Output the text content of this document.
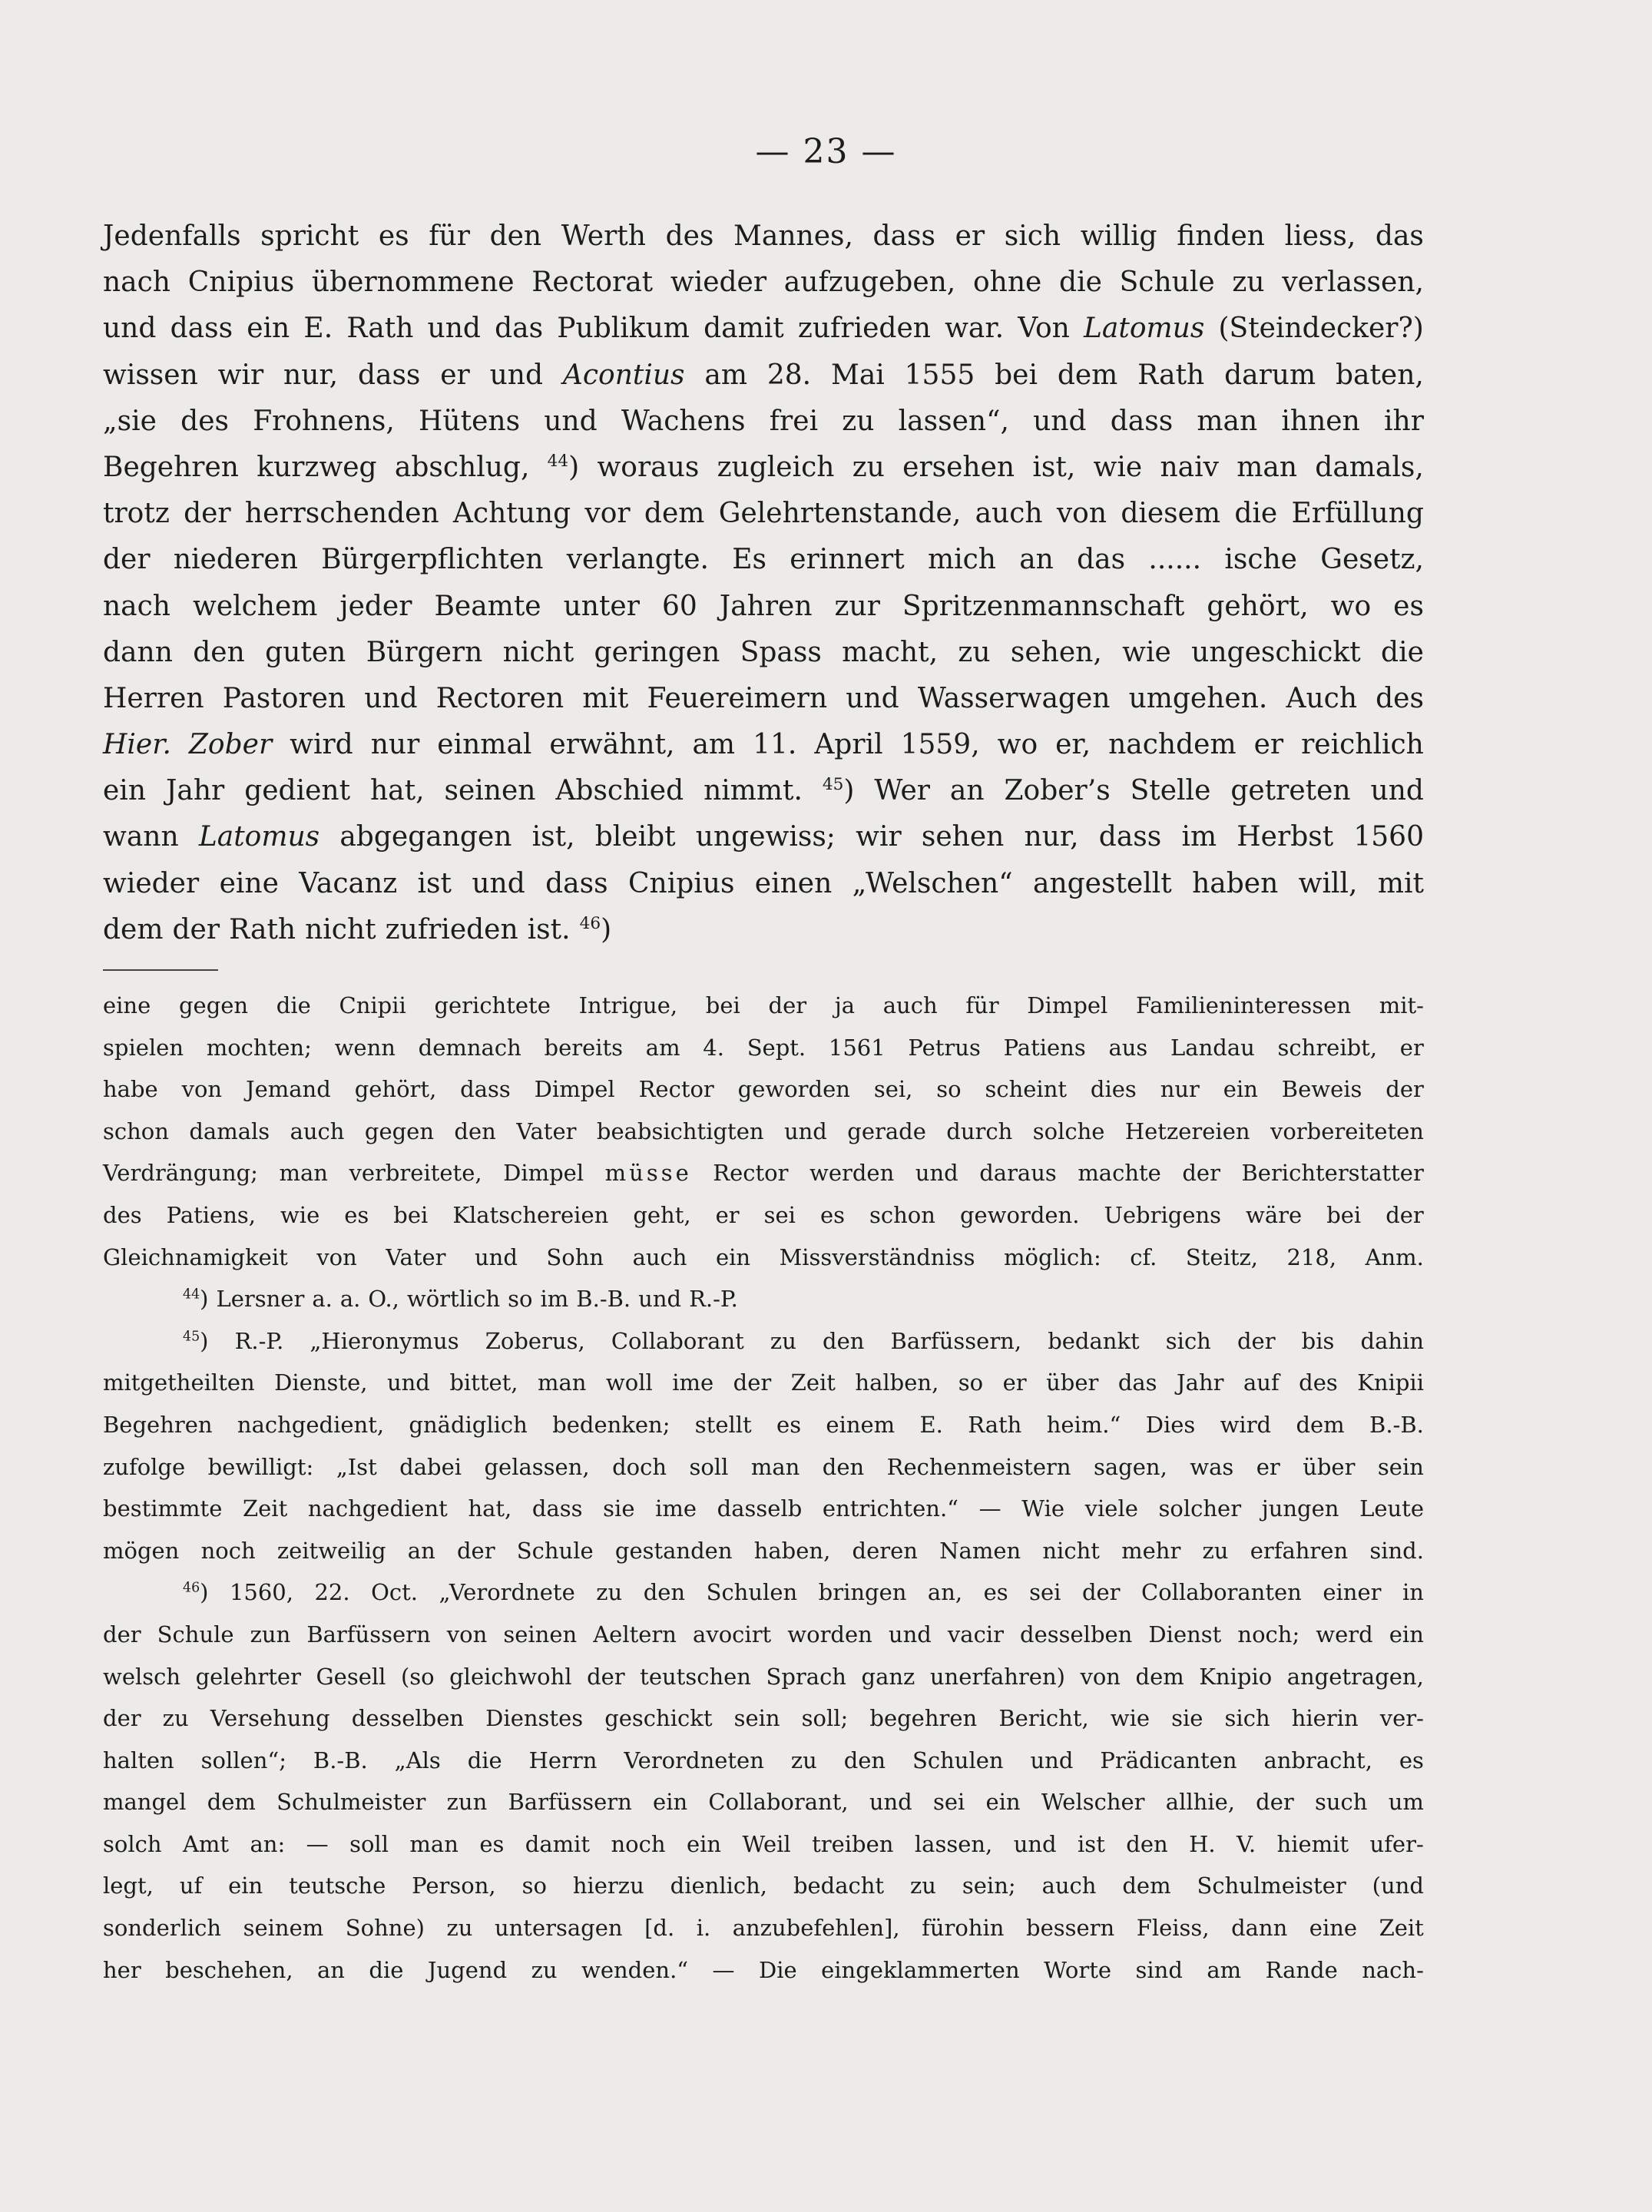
— 23 —
Jedenfalls spricht es für den Werth des Mannes, dass er sich willig finden liess, das
nach Cnipius übernommene Rectorat wieder aufzugeben, ohne die Schule zu verlassen,
und dass ein E. Rath und das Publikum damit zufrieden war. Von Latomus (Steindecker?)
wissen wir nur, dass er und Acontius am 28. Mai 1555 bei dem Rath darum baten,
„sie des Frohnens, Hütens und Wachens frei zu lassen“, und dass man ihnen ihr
Begehren kurzweg abschlug, $^{44}$) woraus zugleich zu ersehen ist, wie naiv man damals,
trotz der herrschenden Achtung vor dem Gelehrtenstande, auch von diesem die Erfüllung
der niederen Bürgerpflichten verlangte. Es erinnert mich an das ...... ische Gesetz,
nach welchem jeder Beamte unter 60 Jahren zur Spritzenmannschaft gehört, wo es
dann den guten Bürgern nicht geringen Spass macht, zu sehen, wie ungeschickt die
Herren Pastoren und Rectoren mit Feuereimern und Wasserwagen umgehen. Auch des
Hier. Zober wird nur einmal erwähnt, am 11. April 1559, wo er, nachdem er reichlich
ein Jahr gedient hat, seinen Abschied nimmt. $^{45}$) Wer an Zober’s Stelle getreten und
wann Latomus abgegangen ist, bleibt ungewiss; wir sehen nur, dass im Herbst 1560
wieder eine Vacanz ist und dass Cnipius einen „Welschen“ angestellt haben will, mit
dem der Rath nicht zufrieden ist. $^{46}$)
eine gegen die Cnipii gerichtete Intrigue, bei der ja auch für Dimpel Familieninteressen mit-
spielen mochten; wenn demnach bereits am 4. Sept. 1561 Petrus Patiens aus Landau schreibt, er
habe von Jemand gehört, dass Dimpel Rector geworden sei, so scheint dies nur ein Beweis der
schon damals auch gegen den Vater beabsichtigten und gerade durch solche Hetzereien vorbereiteten
Verdrängung; man verbreitete, Dimpel müsse Rector werden und daraus machte der Berichterstatter
des Patiens, wie es bei Klatschereien geht, er sei es schon geworden. Uebrigens wäre bei der
Gleichnamigkeit von Vater und Sohn auch ein Missverständniss möglich: cf. Steitz, 218, Anm.
$^{44}$) Lersner a. a. O., wörtlich so im B.-B. und R.-P.
$^{45}$) R.-P. „Hieronymus Zoberus, Collaborant zu den Barfüssern, bedankt sich der bis dahin
mitgetheilten Dienste, und bittet, man woll ime der Zeit halben, so er über das Jahr auf des Knipii
Begehren nachgedient, gnädiglich bedenken; stellt es einem E. Rath heim.“ Dies wird dem B.-B.
zufolge bewilligt: „Ist dabei gelassen, doch soll man den Rechenmeistern sagen, was er über sein
bestimmte Zeit nachgedient hat, dass sie ime dasselb entrichten.“ — Wie viele solcher jungen Leute
mögen noch zeitweilig an der Schule gestanden haben, deren Namen nicht mehr zu erfahren sind.
$^{46}$) 1560, 22. Oct. „Verordnete zu den Schulen bringen an, es sei der Collaboranten einer in
der Schule zun Barfüssern von seinen Aeltern avocirt worden und vacir desselben Dienst noch; werd ein
welsch gelehrter Gesell (so gleichwohl der teutschen Sprach ganz unerfahren) von dem Knipio angetragen,
der zu Versehung desselben Dienstes geschickt sein soll; begehren Bericht, wie sie sich hierin ver-
halten sollen“; B.-B. „Als die Herrn Verordneten zu den Schulen und Prädicanten anbracht, es
mangel dem Schulmeister zun Barfüssern ein Collaborant, und sei ein Welscher allhie, der such um
solch Amt an: — soll man es damit noch ein Weil treiben lassen, und ist den H. V. hiemit ufer-
legt, uf ein teutsche Person, so hierzu dienlich, bedacht zu sein; auch dem Schulmeister (und
sonderlich seinem Sohne) zu untersagen [d. i. anzubefehlen], fürohin bessern Fleiss, dann eine Zeit
her beschehen, an die Jugend zu wenden.“ — Die eingeklammerten Worte sind am Rande nach-
